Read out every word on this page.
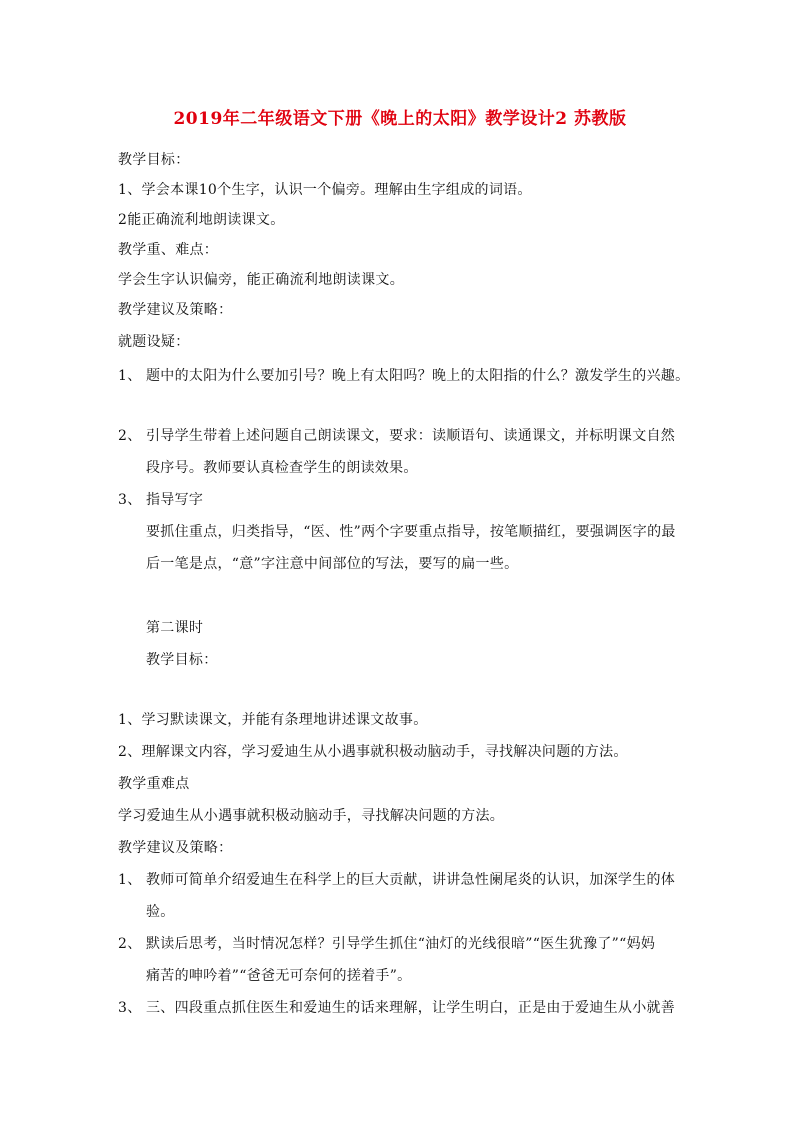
2019年二年级语文下册《晚上的太阳》教学设计2 苏教版
教学目标：
1、学会本课10个生字，认识一个偏旁。理解由生字组成的词语。
2能正确流利地朗读课文。
教学重、难点：
学会生字认识偏旁，能正确流利地朗读课文。
教学建议及策略：
就题设疑：
1、 题中的太阳为什么要加引号？晚上有太阳吗？晚上的太阳指的什么？激发学生的兴趣。
2、 引导学生带着上述问题自己朗读课文，要求：读顺语句、读通课文，并标明课文自然
段序号。教师要认真检查学生的朗读效果。
3、 指导写字
要抓住重点，归类指导，“医、性”两个字要重点指导，按笔顺描红，要强调医字的最
后一笔是点，“意”字注意中间部位的写法，要写的扁一些。
第二课时
教学目标：
1、学习默读课文，并能有条理地讲述课文故事。
2、理解课文内容，学习爱迪生从小遇事就积极动脑动手，寻找解决问题的方法。
教学重难点
学习爱迪生从小遇事就积极动脑动手，寻找解决问题的方法。
教学建议及策略：
1、 教师可简单介绍爱迪生在科学上的巨大贡献，讲讲急性阑尾炎的认识，加深学生的体
验。
2、 默读后思考，当时情况怎样？引导学生抓住“油灯的光线很暗”“医生犹豫了”“妈妈
痛苦的呻吟着”“爸爸无可奈何的搓着手”。
3、 三、四段重点抓住医生和爱迪生的话来理解，让学生明白，正是由于爱迪生从小就善
